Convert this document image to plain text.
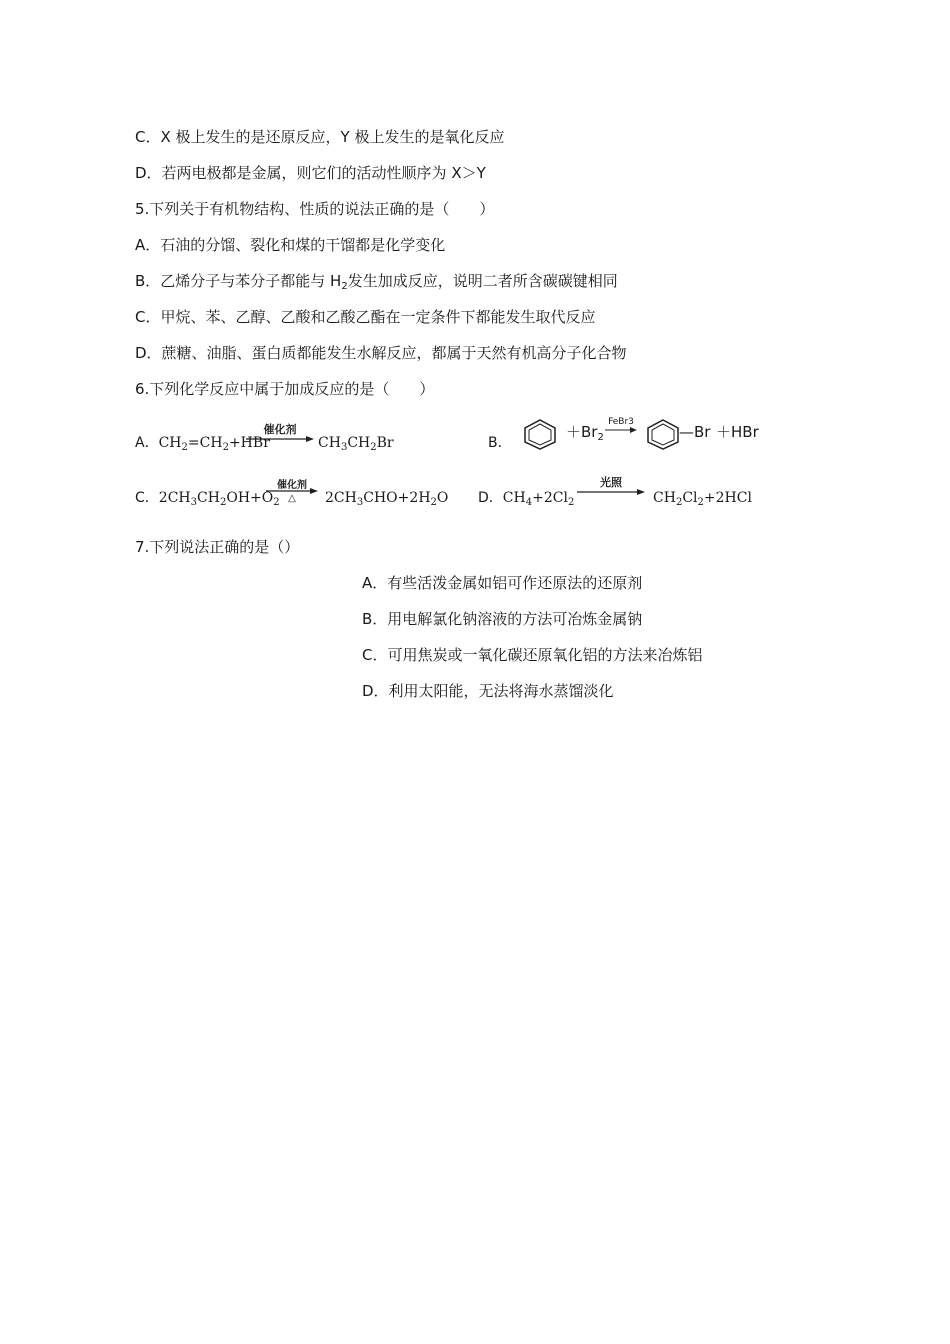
C．X 极上发生的是还原反应，Y 极上发生的是氧化反应
D．若两电极都是金属，则它们的活动性顺序为 X＞Y
5.下列关于有机物结构、性质的说法正确的是（　　）
A．石油的分馏、裂化和煤的干馏都是化学变化
B．乙烯分子与苯分子都能与 $H_2$发生加成反应，说明二者所含碳碳键相同
C．甲烷、苯、乙醇、乙酸和乙酸乙酯在一定条件下都能发生取代反应
D．蔗糖、油脂、蛋白质都能发生水解反应，都属于天然有机高分子化合物
6.下列化学反应中属于加成反应的是（　　）
A．$CH_2=CH_2+HBr$
催化剂
$CH_3CH_2Br$	B．
$+Br_2$
FeBr3
—Br ＋HBr
C．$2CH_3CH_2OH+O_2$
催化剂
△	$2CH_3CHO+2H_2O$ D．$CH_4+2Cl_2$
光照
$CH_2Cl_2+2HCl$
7.下列说法正确的是（）
A．有些活泼金属如铝可作还原法的还原剂
B．用电解氯化钠溶液的方法可冶炼金属钠
C．可用焦炭或一氧化碳还原氧化铝的方法来冶炼铝
D．利用太阳能，无法将海水蒸馏淡化
